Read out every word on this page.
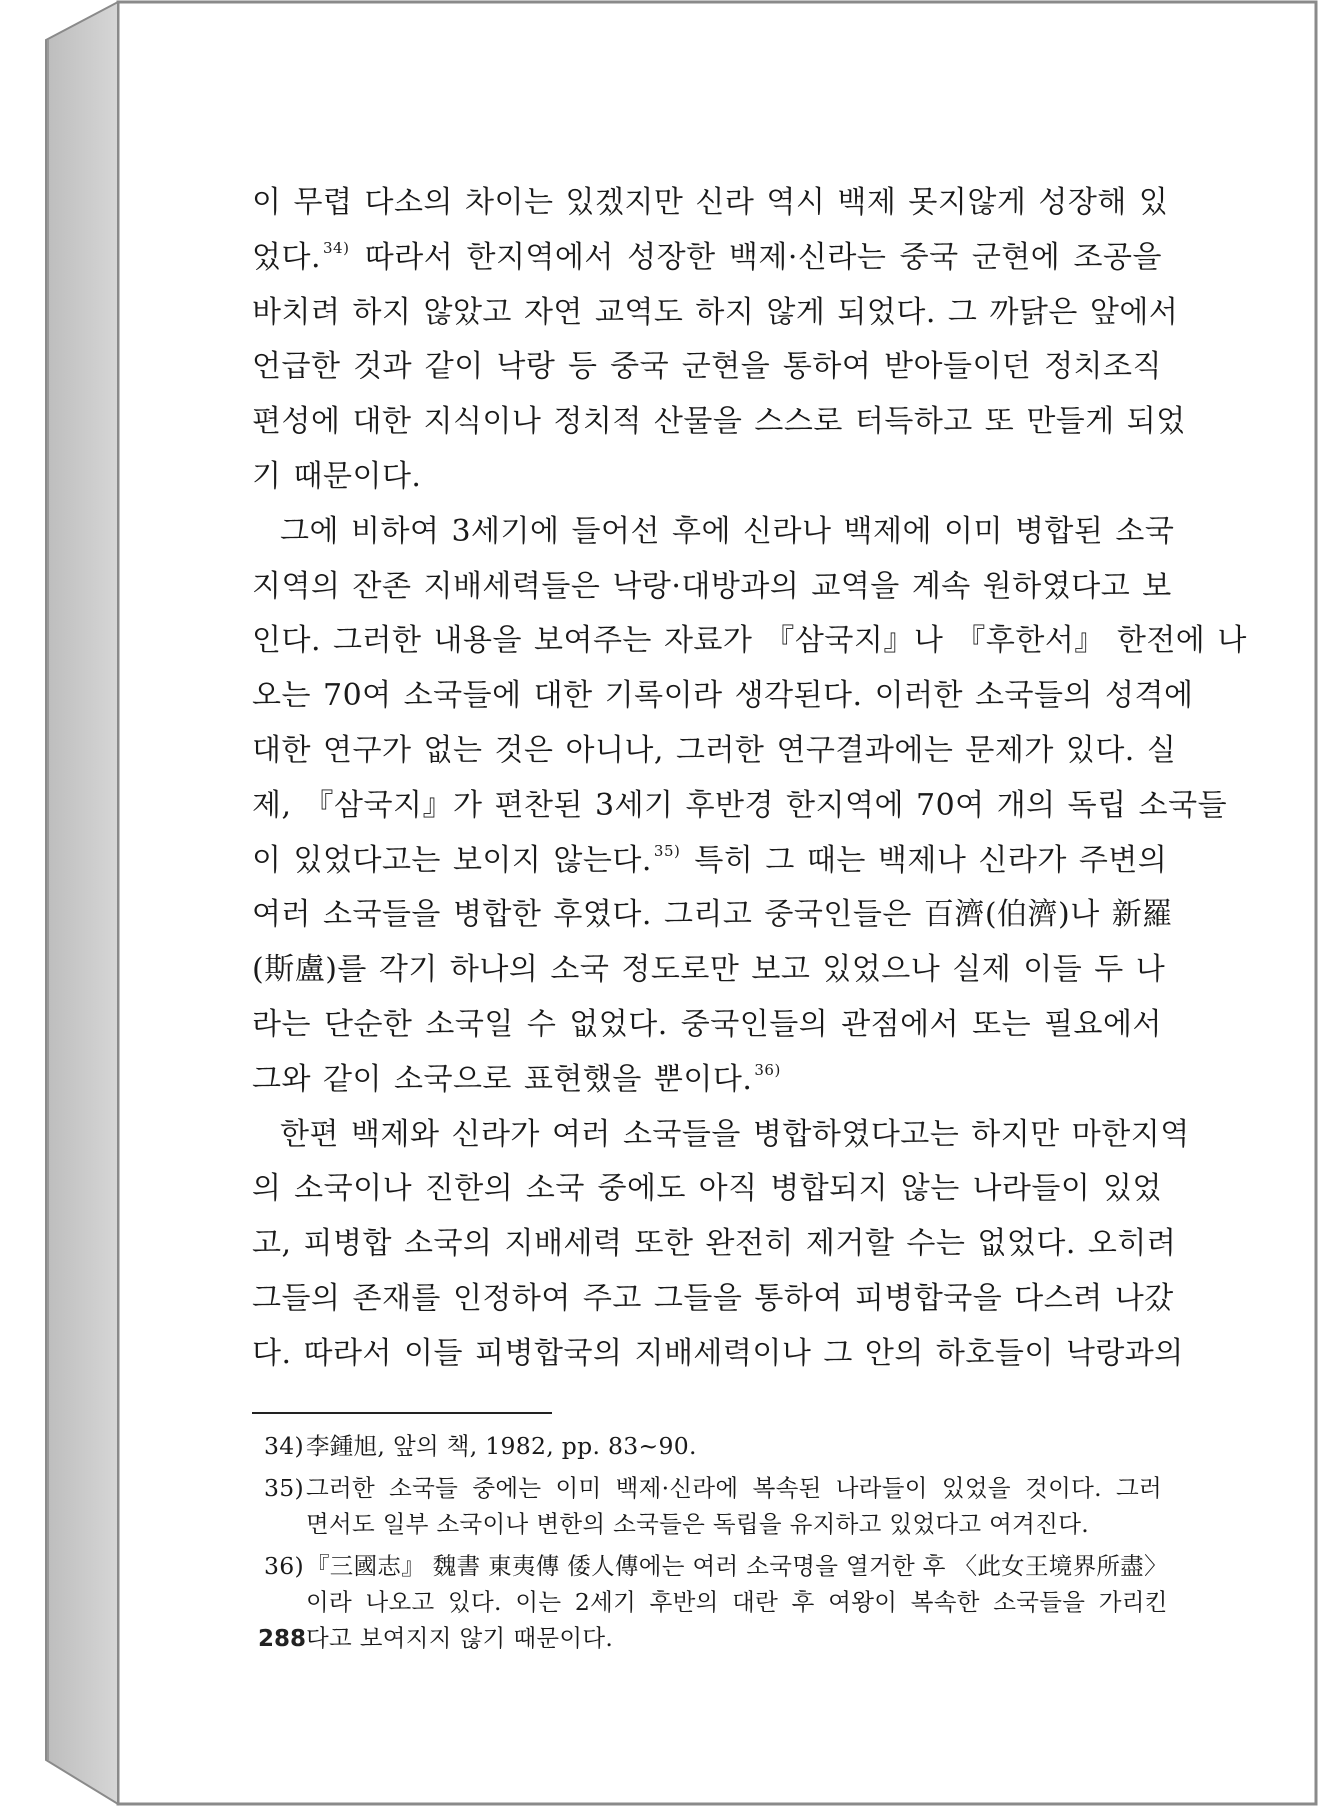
이 무렵 다소의 차이는 있겠지만 신라 역시 백제 못지않게 성장해 있
었다. $^{34)}$ 따라서 한지역에서 성장한 백제·신라는 중국 군현에 조공을
바치려 하지 않았고 자연 교역도 하지 않게 되었다. 그 까닭은 앞에서
언급한 것과 같이 낙랑 등 중국 군현을 통하여 받아들이던 정치조직
편성에 대한 지식이나 정치적 산물을 스스로 터득하고 또 만들게 되었
기 때문이다.

그에 비하여 3세기에 들어선 후에 신라나 백제에 이미 병합된 소국
지역의 잔존 지배세력들은 낙랑·대방과의 교역을 계속 원하였다고 보
인다. 그러한 내용을 보여주는 자료가 『삼국지』나 『후한서』 한전에 나
오는 70여 소국들에 대한 기록이라 생각된다. 이러한 소국들의 성격에
대한 연구가 없는 것은 아니나, 그러한 연구결과에는 문제가 있다. 실
제, 『삼국지』가 편찬된 3세기 후반경 한지역에 70여 개의 독립 소국들
이 있었다고는 보이지 않는다. $^{35)}$ 특히 그 때는 백제나 신라가 주변의
여러 소국들을 병합한 후였다. 그리고 중국인들은 百濟(伯濟)나 新羅
(斯盧)를 각기 하나의 소국 정도로만 보고 있었으나 실제 이들 두 나
라는 단순한 소국일 수 없었다. 중국인들의 관점에서 또는 필요에서
그와 같이 소국으로 표현했을 뿐이다. $^{36)}$

한편 백제와 신라가 여러 소국들을 병합하였다고는 하지만 마한지역
의 소국이나 진한의 소국 중에도 아직 병합되지 않는 나라들이 있었
고, 피병합 소국의 지배세력 또한 완전히 제거할 수는 없었다. 오히려
그들의 존재를 인정하여 주고 그들을 통하여 피병합국을 다스려 나갔
다. 따라서 이들 피병합국의 지배세력이나 그 안의 하호들이 낙랑과의

34) 李鍾旭, 앞의 책, 1982, pp. 83~90.
35) 그러한 소국들 중에는 이미 백제·신라에 복속된 나라들이 있었을 것이다. 그러
면서도 일부 소국이나 변한의 소국들은 독립을 유지하고 있었다고 여겨진다.
36) 『三國志』 魏書 東夷傳 倭人傳에는 여러 소국명을 열거한 후 〈此女王境界所盡〉
이라 나오고 있다. 이는 2세기 후반의 대란 후 여왕이 복속한 소국들을 가리킨
다고 보여지지 않기 때문이다.
288
